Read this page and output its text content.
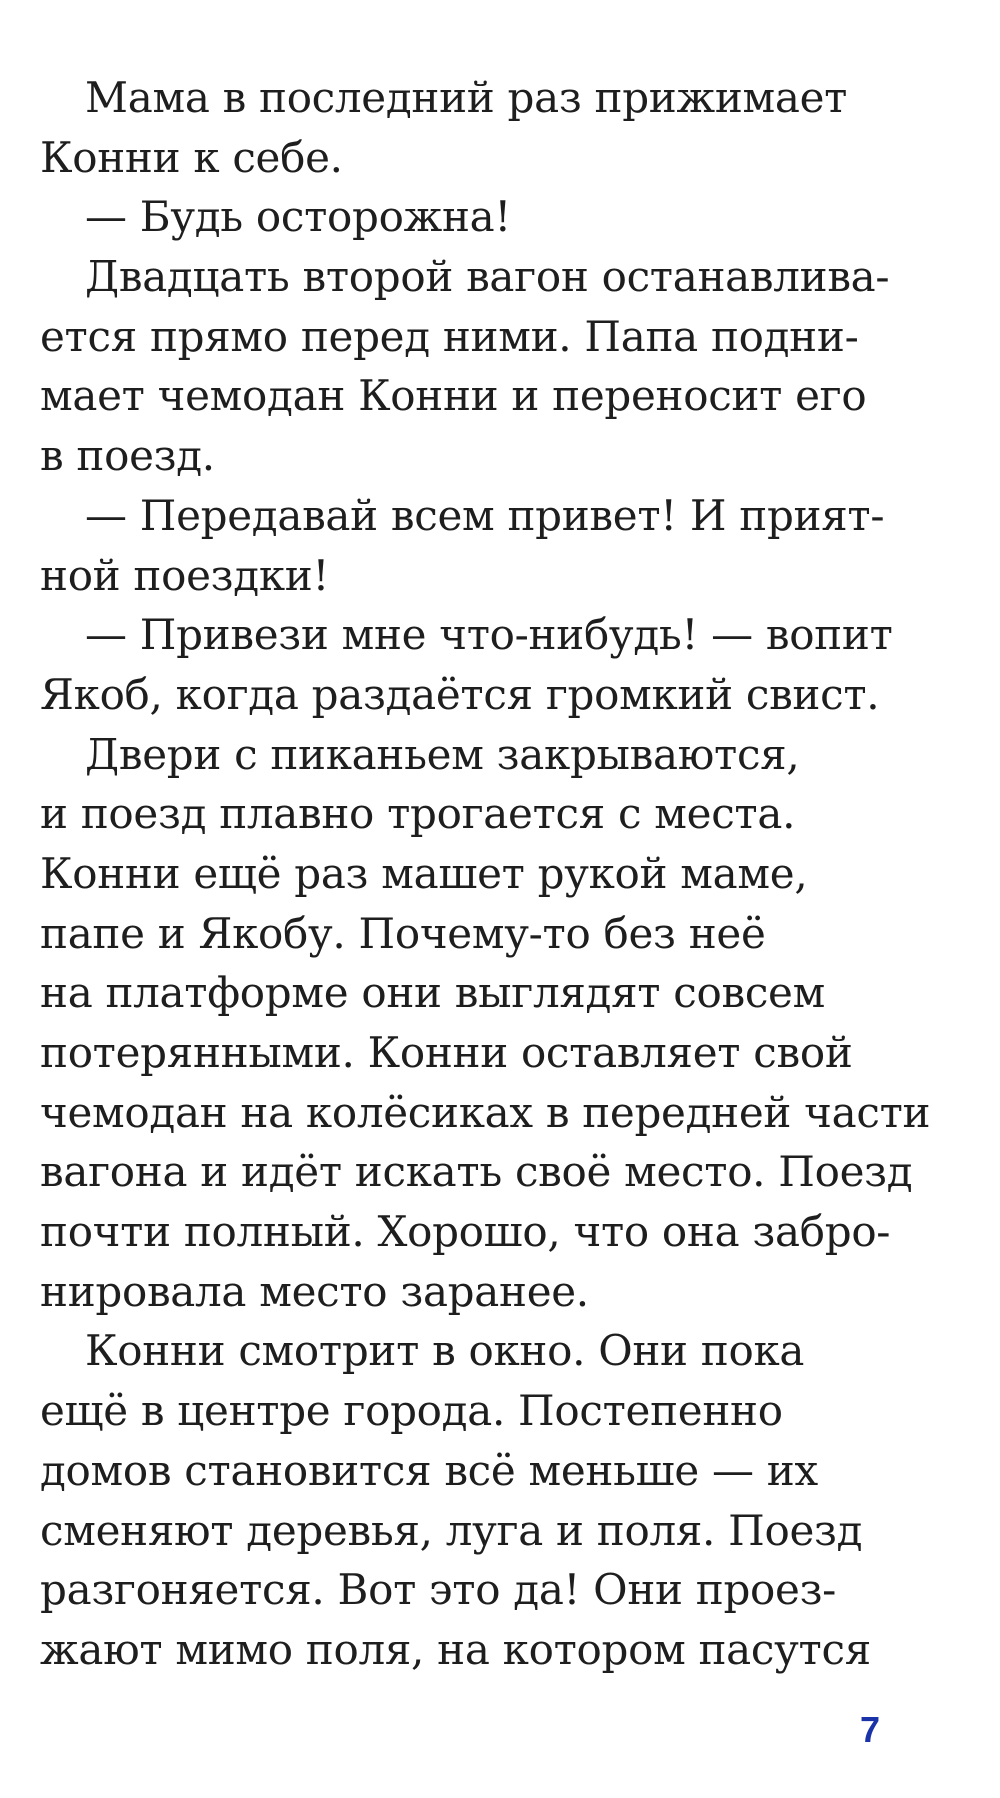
Мама в последний раз прижимает
Конни к себе.
— Будь осторожна!
Двадцать второй вагон останавлива-
ется прямо перед ними. Папа подни-
мает чемодан Конни и переносит его
в поезд.
— Передавай всем привет! И прият-
ной поездки!
— Привези мне что-нибудь! — вопит
Якоб, когда раздаётся громкий свист.
Двери с пиканьем закрываются,
и поезд плавно трогается с места.
Конни ещё раз машет рукой маме,
папе и Якобу. Почему-то без неё
на платформе они выглядят совсем
потерянными. Конни оставляет свой
чемодан на колёсиках в передней части
вагона и идёт искать своё место. Поезд
почти полный. Хорошо, что она забро-
нировала место заранее.
Конни смотрит в окно. Они пока
ещё в центре города. Постепенно
домов становится всё меньше — их
сменяют деревья, луга и поля. Поезд
разгоняется. Вот это да! Они проез-
жают мимо поля, на котором пасутся
7
